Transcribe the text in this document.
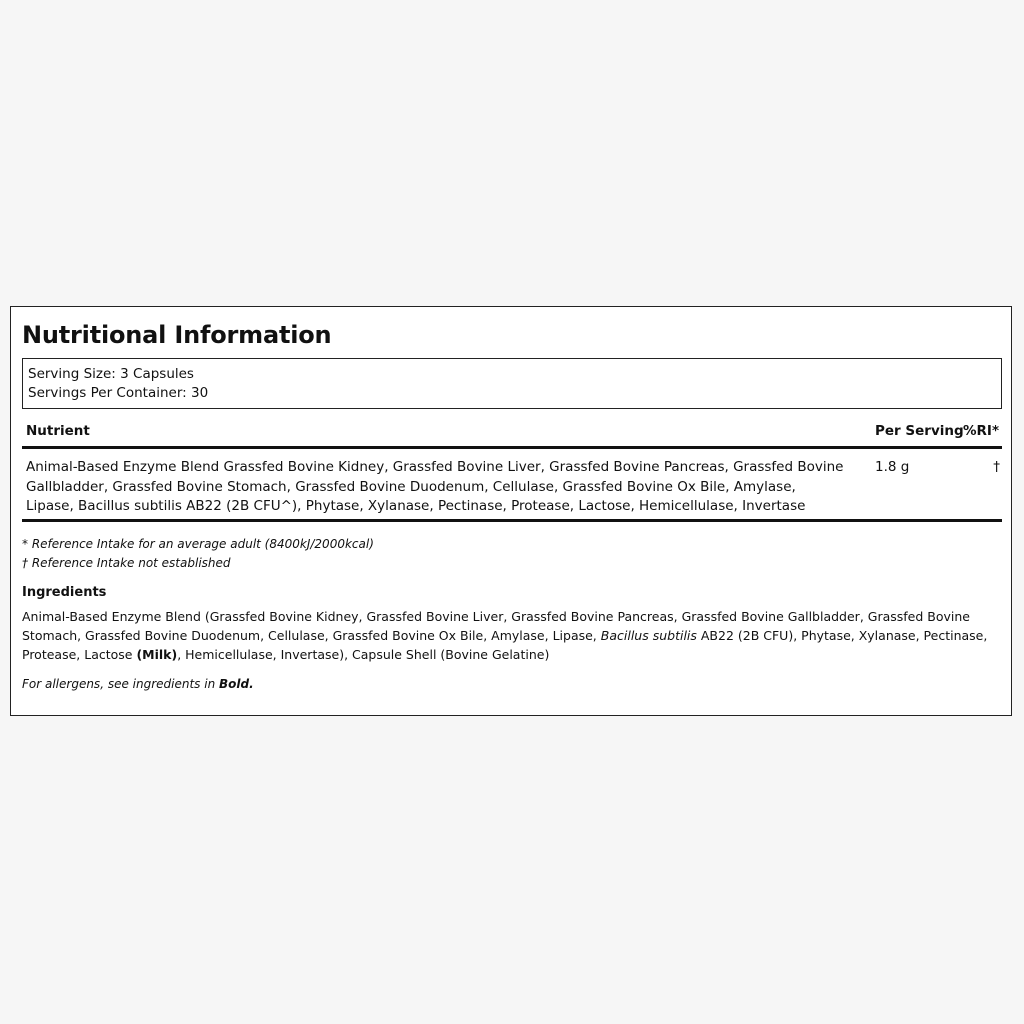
Nutritional Information
Serving Size: 3 Capsules
Servings Per Container: 30
Nutrient	Per Serving %RI*
Animal-Based Enzyme Blend Grassfed Bovine Kidney, Grassfed Bovine Liver, Grassfed Bovine Pancreas, Grassfed Bovine Gallbladder, Grassfed Bovine Stomach, Grassfed Bovine Duodenum, Cellulase, Grassfed Bovine Ox Bile, Amylase, Lipase, Bacillus subtilis AB22 (2B CFU^), Phytase, Xylanase, Pectinase, Protease, Lactose, Hemicellulase, Invertase
1.8 g	†
* Reference Intake for an average adult (8400kJ/2000kcal)
† Reference Intake not established
Ingredients
Animal-Based Enzyme Blend (Grassfed Bovine Kidney, Grassfed Bovine Liver, Grassfed Bovine Pancreas, Grassfed Bovine Gallbladder, Grassfed Bovine Stomach, Grassfed Bovine Duodenum, Cellulase, Grassfed Bovine Ox Bile, Amylase, Lipase, Bacillus subtilis AB22 (2B CFU), Phytase, Xylanase, Pectinase, Protease, Lactose (Milk), Hemicellulase, Invertase), Capsule Shell (Bovine Gelatine)
For allergens, see ingredients in Bold.
